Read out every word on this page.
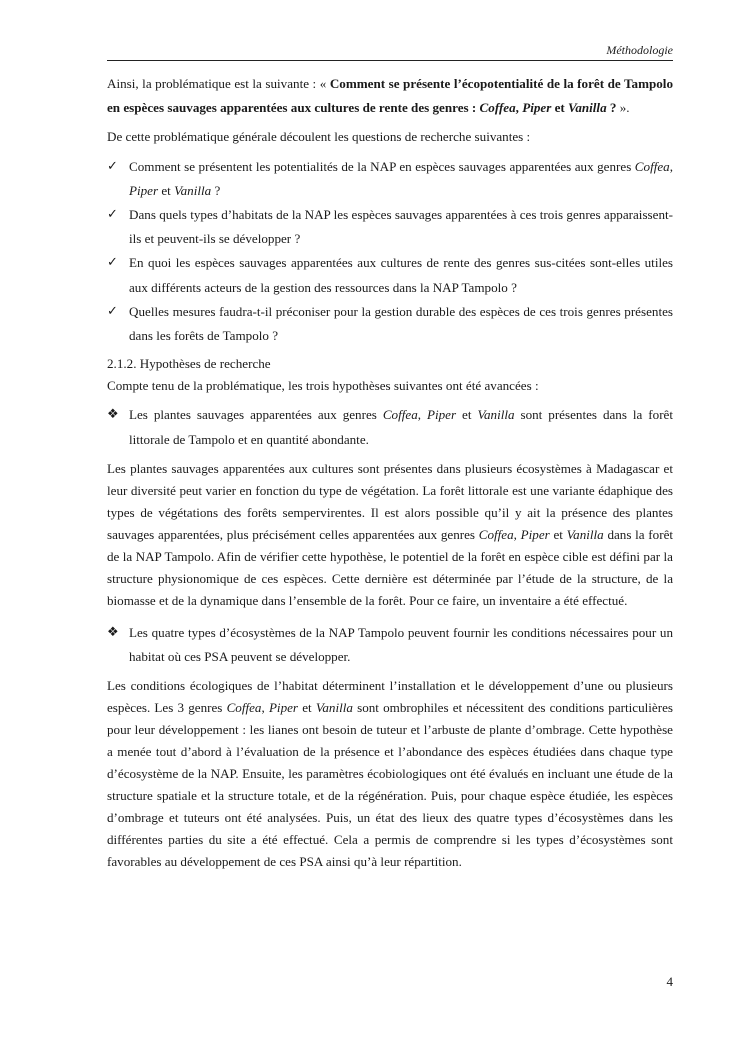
Méthodologie

Ainsi, la problématique est la suivante : « Comment se présente l’écopotentialité de la forêt de Tampolo en espèces sauvages apparentées aux cultures de rente des genres : Coffea, Piper et Vanilla ? ».

De cette problématique générale découlent les questions de recherche suivantes :

✓ Comment se présentent les potentialités de la NAP en espèces sauvages apparentées aux genres Coffea, Piper et Vanilla ?
✓ Dans quels types d’habitats de la NAP les espèces sauvages apparentées à ces trois genres apparaissent-ils et peuvent-ils se développer ?
✓ En quoi les espèces sauvages apparentées aux cultures de rente des genres sus-citées sont-elles utiles aux différents acteurs de la gestion des ressources dans la NAP Tampolo ?
✓ Quelles mesures faudra-t-il préconiser pour la gestion durable des espèces de ces trois genres présentes dans les forêts de Tampolo ?

2.1.2. Hypothèses de recherche

Compte tenu de la problématique, les trois hypothèses suivantes ont été avancées :

❖ Les plantes sauvages apparentées aux genres Coffea, Piper et Vanilla sont présentes dans la forêt littorale de Tampolo et en quantité abondante.

Les plantes sauvages apparentées aux cultures sont présentes dans plusieurs écosystèmes à Madagascar et leur diversité peut varier en fonction du type de végétation. La forêt littorale est une variante édaphique des types de végétations des forêts sempervirentes. Il est alors possible qu’il y ait la présence des plantes sauvages apparentées, plus précisément celles apparentées aux genres Coffea, Piper et Vanilla dans la forêt de la NAP Tampolo. Afin de vérifier cette hypothèse, le potentiel de la forêt en espèce cible est défini par la structure physionomique de ces espèces. Cette dernière est déterminée par l’étude de la structure, de la biomasse et de la dynamique dans l’ensemble de la forêt. Pour ce faire, un inventaire a été effectué.

❖ Les quatre types d’écosystèmes de la NAP Tampolo peuvent fournir les conditions nécessaires pour un habitat où ces PSA peuvent se développer.

Les conditions écologiques de l’habitat déterminent l’installation et le développement d’une ou plusieurs espèces. Les 3 genres Coffea, Piper et Vanilla sont ombrophiles et nécessitent des conditions particulières pour leur développement : les lianes ont besoin de tuteur et l’arbuste de plante d’ombrage. Cette hypothèse a menée tout d’abord à l’évaluation de la présence et l’abondance des espèces étudiées dans chaque type d’écosystème de la NAP. Ensuite, les paramètres écobiologiques ont été évalués en incluant une étude de la structure spatiale et la structure totale, et de la régénération. Puis, pour chaque espèce étudiée, les espèces d’ombrage et tuteurs ont été analysées. Puis, un état des lieux des quatre types d’écosystèmes dans les différentes parties du site a été effectué. Cela a permis de comprendre si les types d’écosystèmes sont favorables au développement de ces PSA ainsi qu’à leur répartition.

4
